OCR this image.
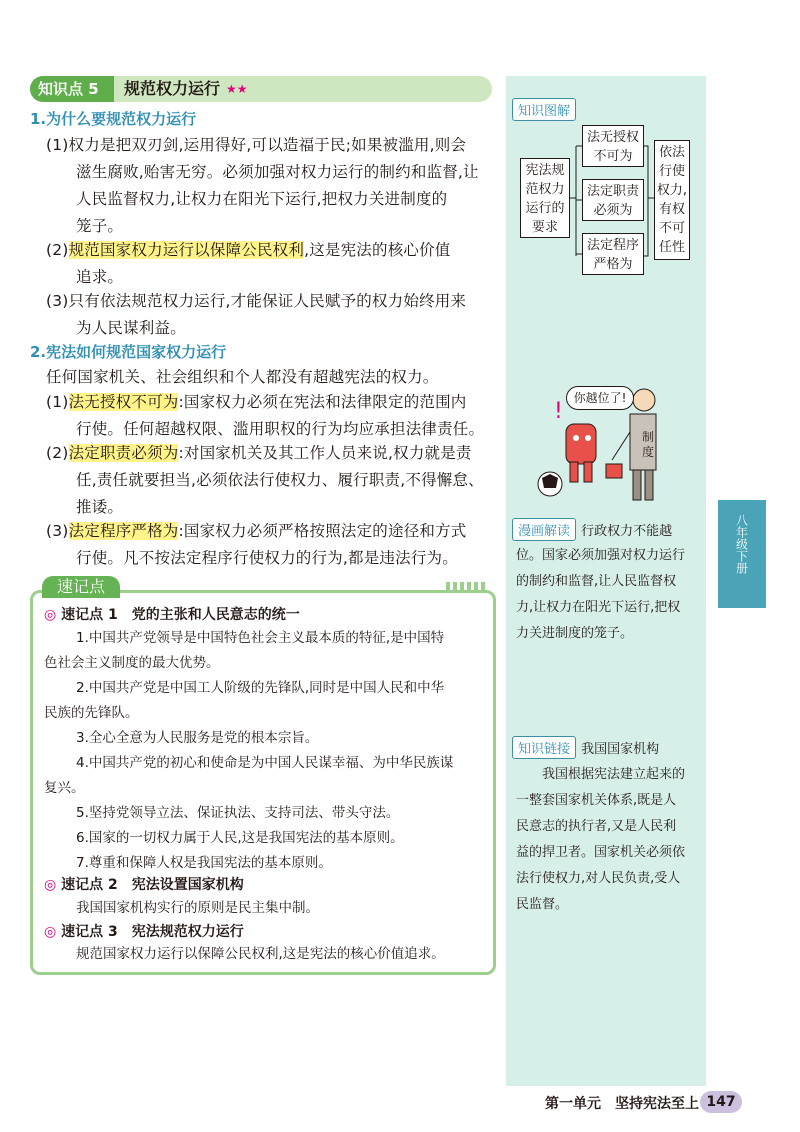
知识点 5	规范权力运行 ★★
1.为什么要规范权力运行
(1)权力是把双刃剑,运用得好,可以造福于民;如果被滥用,则会
滋生腐败,贻害无穷。必须加强对权力运行的制约和监督,让
人民监督权力,让权力在阳光下运行,把权力关进制度的
笼子。
(2)规范国家权力运行以保障公民权利,这是宪法的核心价值
追求。
(3)只有依法规范权力运行,才能保证人民赋予的权力始终用来
为人民谋利益。
2.宪法如何规范国家权力运行
任何国家机关、社会组织和个人都没有超越宪法的权力。
(1)法无授权不可为:国家权力必须在宪法和法律限定的范围内
行使。任何超越权限、滥用职权的行为均应承担法律责任。
(2)法定职责必须为:对国家机关及其工作人员来说,权力就是责
任,责任就要担当,必须依法行使权力、履行职责,不得懈怠、
推诿。
(3)法定程序严格为:国家权力必须严格按照法定的途径和方式
行使。凡不按法定程序行使权力的行为,都是违法行为。
速记点
◎ 速记点 1　党的主张和人民意志的统一
1.中国共产党领导是中国特色社会主义最本质的特征,是中国特
色社会主义制度的最大优势。
2.中国共产党是中国工人阶级的先锋队,同时是中国人民和中华
民族的先锋队。
3.全心全意为人民服务是党的根本宗旨。
4.中国共产党的初心和使命是为中国人民谋幸福、为中华民族谋
复兴。
5.坚持党领导立法、保证执法、支持司法、带头守法。
6.国家的一切权力属于人民,这是我国宪法的基本原则。
7.尊重和保障人权是我国宪法的基本原则。
◎ 速记点 2　宪法设置国家机构
我国国家机构实行的原则是民主集中制。
◎ 速记点 3　宪法规范权力运行
规范国家权力运行以保障公民权利,这是宪法的核心价值追求。
知识图解
宪法规范权力运行的要求
法无授权不可为
法定职责必须为
法定程序严格为
依法行使权力,有权不可任性
!
你越位了!
制度
漫画解读 行政权力不能越
位。国家必须加强对权力运行
的制约和监督,让人民监督权
力,让权力在阳光下运行,把权
力关进制度的笼子。
知识链接 我国国家机构
我国根据宪法建立起来的
一整套国家机关体系,既是人
民意志的执行者,又是人民利
益的捍卫者。国家机关必须依
法行使权力,对人民负责,受人
民监督。
八年级下册
第一单元　坚持宪法至上 147
